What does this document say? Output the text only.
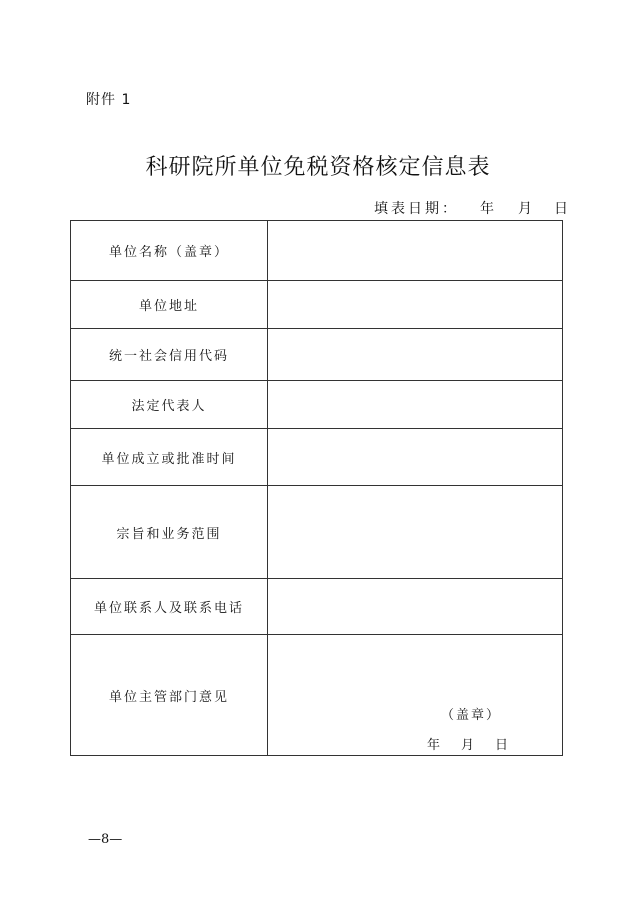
附件 1
科研院所单位免税资格核定信息表
填表日期： 年 月 日
单位名称（盖章）	
单位地址	
统一社会信用代码	
法定代表人	
单位成立或批准时间	
宗旨和业务范围	
单位联系人及联系电话	
单位主管部门意见	（盖章）
年 月 日
—8—
